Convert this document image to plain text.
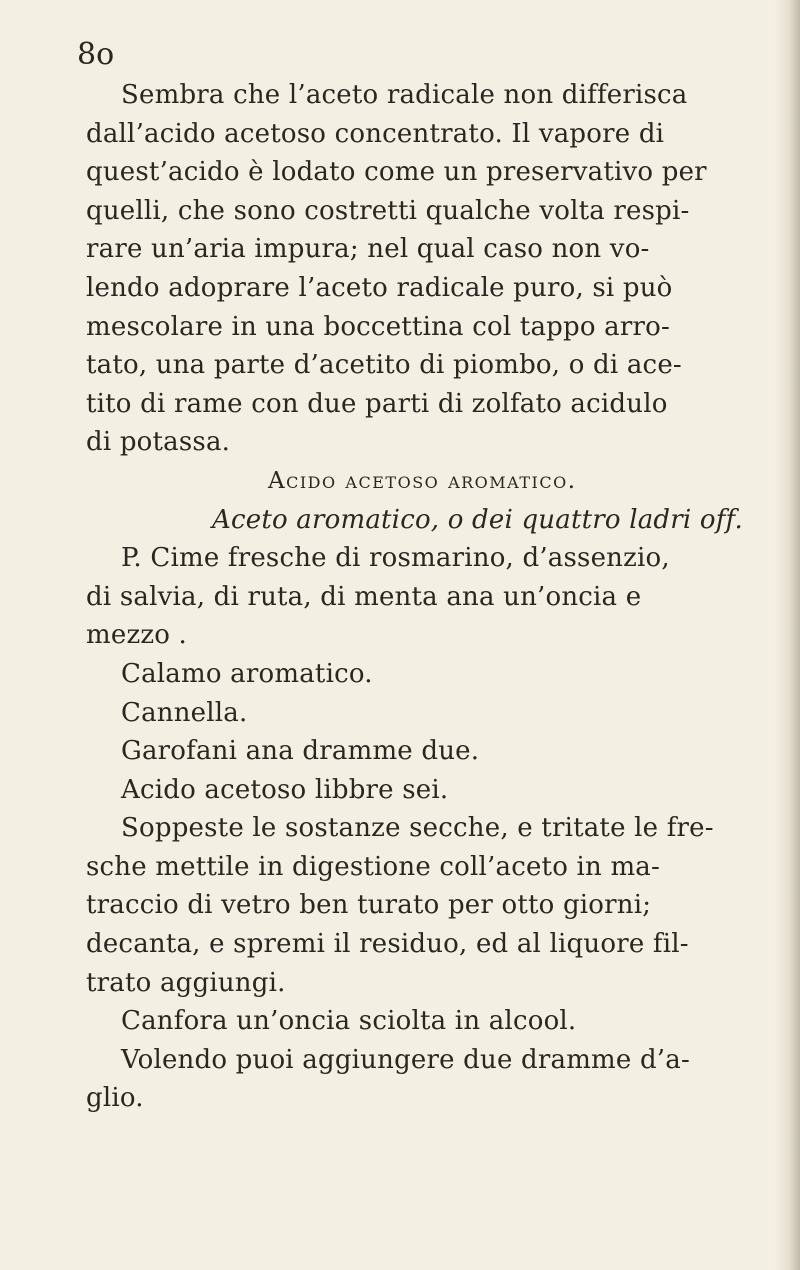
8o
Sembra che l’aceto radicale non differisca
dall’acido acetoso concentrato. Il vapore di
quest’acido è lodato come un preservativo per
quelli, che sono costretti qualche volta respi-
rare un’aria impura; nel qual caso non vo-
lendo adoprare l’aceto radicale puro, si può
mescolare in una boccettina col tappo arro-
tato, una parte d’acetito di piombo, o di ace-
tito di rame con due parti di zolfato acidulo
di potassa.
Acido acetoso aromatico.
Aceto aromatico, o dei quattro ladri off.
P. Cime fresche di rosmarino, d’assenzio,
di salvia, di ruta, di menta ana un’oncia e
mezzo .
Calamo aromatico.
Cannella.
Garofani ana dramme due.
Acido acetoso libbre sei.
Soppeste le sostanze secche, e tritate le fre-
sche mettile in digestione coll’aceto in ma-
traccio di vetro ben turato per otto giorni;
decanta, e spremi il residuo, ed al liquore fil-
trato aggiungi.
Canfora un’oncia sciolta in alcool.
Volendo puoi aggiungere due dramme d’a-
glio.
